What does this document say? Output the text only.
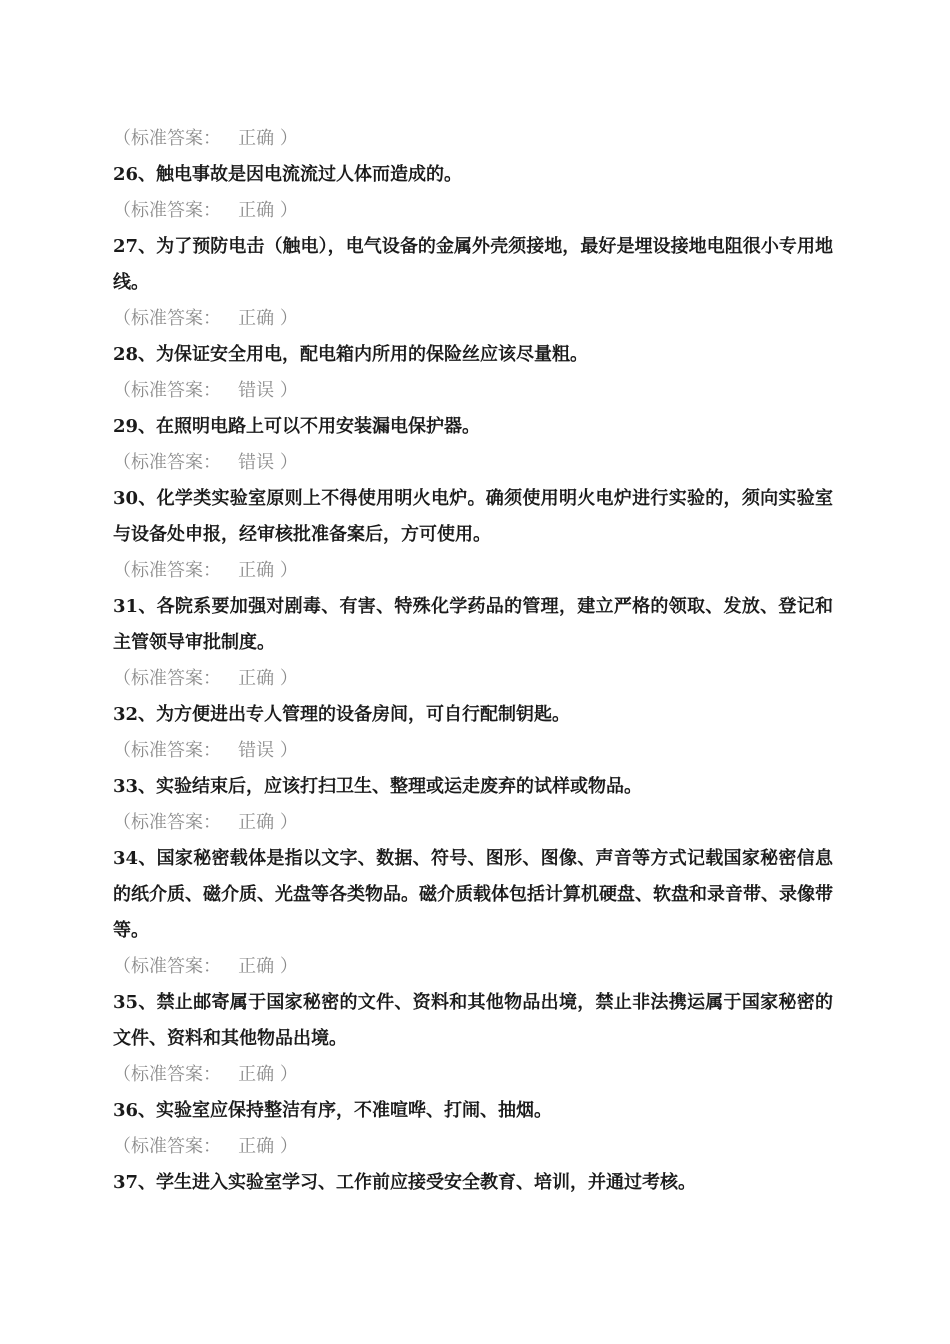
（标准答案： 正确 ）

26、触电事故是因电流流过人体而造成的。

（标准答案： 正确 ）

27、为了预防电击（触电），电气设备的金属外壳须接地，最好是埋设接地电阻很小专用地线。

（标准答案： 正确 ）

28、为保证安全用电，配电箱内所用的保险丝应该尽量粗。

（标准答案： 错误 ）

29、在照明电路上可以不用安装漏电保护器。

（标准答案： 错误 ）

30、化学类实验室原则上不得使用明火电炉。确须使用明火电炉进行实验的，须向实验室与设备处申报，经审核批准备案后，方可使用。

（标准答案： 正确 ）

31、各院系要加强对剧毒、有害、特殊化学药品的管理，建立严格的领取、发放、登记和主管领导审批制度。

（标准答案： 正确 ）

32、为方便进出专人管理的设备房间，可自行配制钥匙。

（标准答案： 错误 ）

33、实验结束后，应该打扫卫生、整理或运走废弃的试样或物品。

（标准答案： 正确 ）

34、国家秘密载体是指以文字、数据、符号、图形、图像、声音等方式记载国家秘密信息的纸介质、磁介质、光盘等各类物品。磁介质载体包括计算机硬盘、软盘和录音带、录像带等。

（标准答案： 正确 ）

35、禁止邮寄属于国家秘密的文件、资料和其他物品出境，禁止非法携运属于国家秘密的文件、资料和其他物品出境。

（标准答案： 正确 ）

36、实验室应保持整洁有序，不准喧哗、打闹、抽烟。

（标准答案： 正确 ）

37、学生进入实验室学习、工作前应接受安全教育、培训，并通过考核。
